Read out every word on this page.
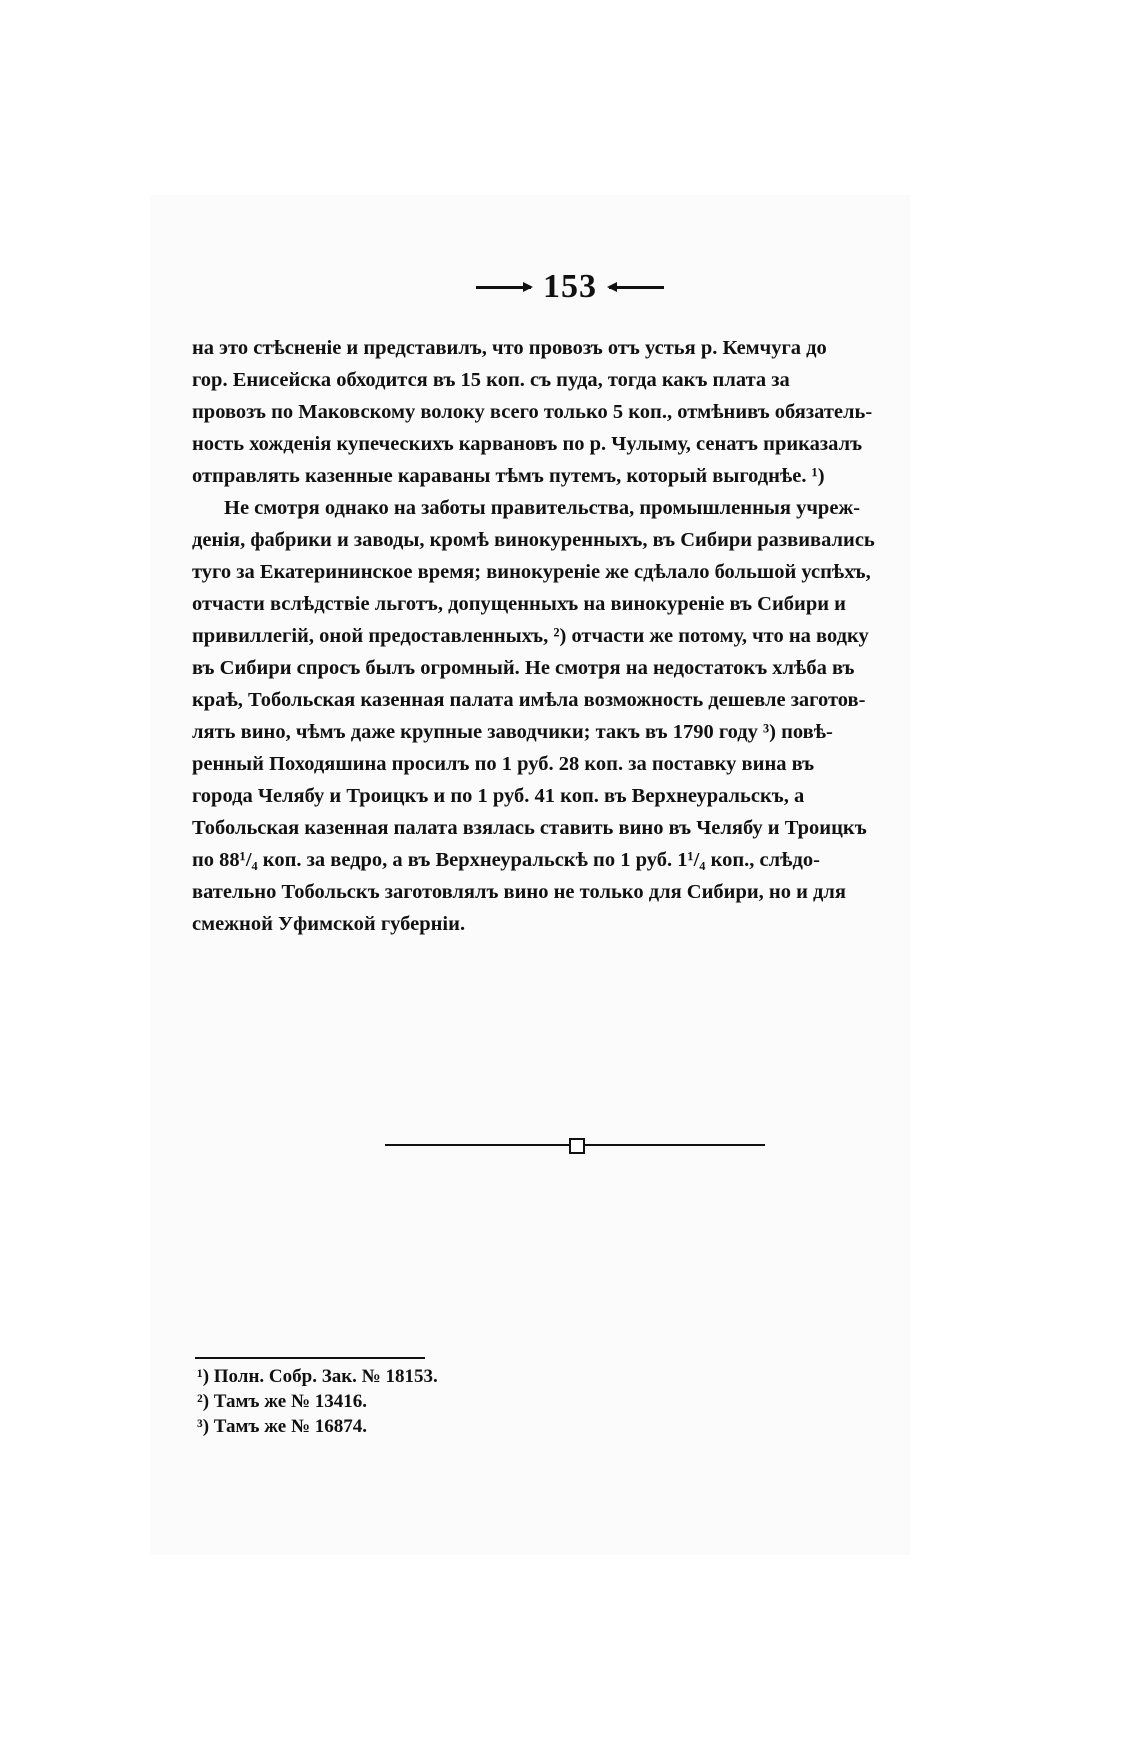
153

на это стѣсненіе и представилъ, что провозъ отъ устья р. Кемчуга до
гор. Енисейска обходится въ 15 коп. съ пуда, тогда какъ плата за
провозъ по Маковскому волоку всего только 5 коп., отмѣнивъ обязатель-
ность хожденія купеческихъ карвановъ по р. Чулыму, сенатъ приказалъ
отправлять казенные караваны тѣмъ путемъ, который выгоднѣе. ¹)

Не смотря однако на заботы правительства, промышленныя учреж-
денія, фабрики и заводы, кромѣ винокуренныхъ, въ Сибири развивались
туго за Екатерининское время; винокуреніе же сдѣлало большой успѣхъ,
отчасти вслѣдствіе льготъ, допущенныхъ на винокуреніе въ Сибири и
привиллегій, оной предоставленныхъ, ²) отчасти же потому, что на водку
въ Сибири спросъ былъ огромный. Не смотря на недостатокъ хлѣба въ
краѣ, Тобольская казенная палата имѣла возможность дешевле заготов-
лять вино, чѣмъ даже крупные заводчики; такъ въ 1790 году ³) повѣ-
ренный Походяшина просилъ по 1 руб. 28 коп. за поставку вина въ
города Челябу и Троицкъ и по 1 руб. 41 коп. въ Верхнеуральскъ, а
Тобольская казенная палата взялась ставить вино въ Челябу и Троицкъ
по 88¹/₄ коп. за ведро, а въ Верхнеуральскѣ по 1 руб. 1¹/₄ коп., слѣдо-
вательно Тобольскъ заготовлялъ вино не только для Сибири, но и для
смежной Уфимской губерніи.

¹) Полн. Собр. Зак. № 18153.
²) Тамъ же № 13416.
³) Тамъ же № 16874.
